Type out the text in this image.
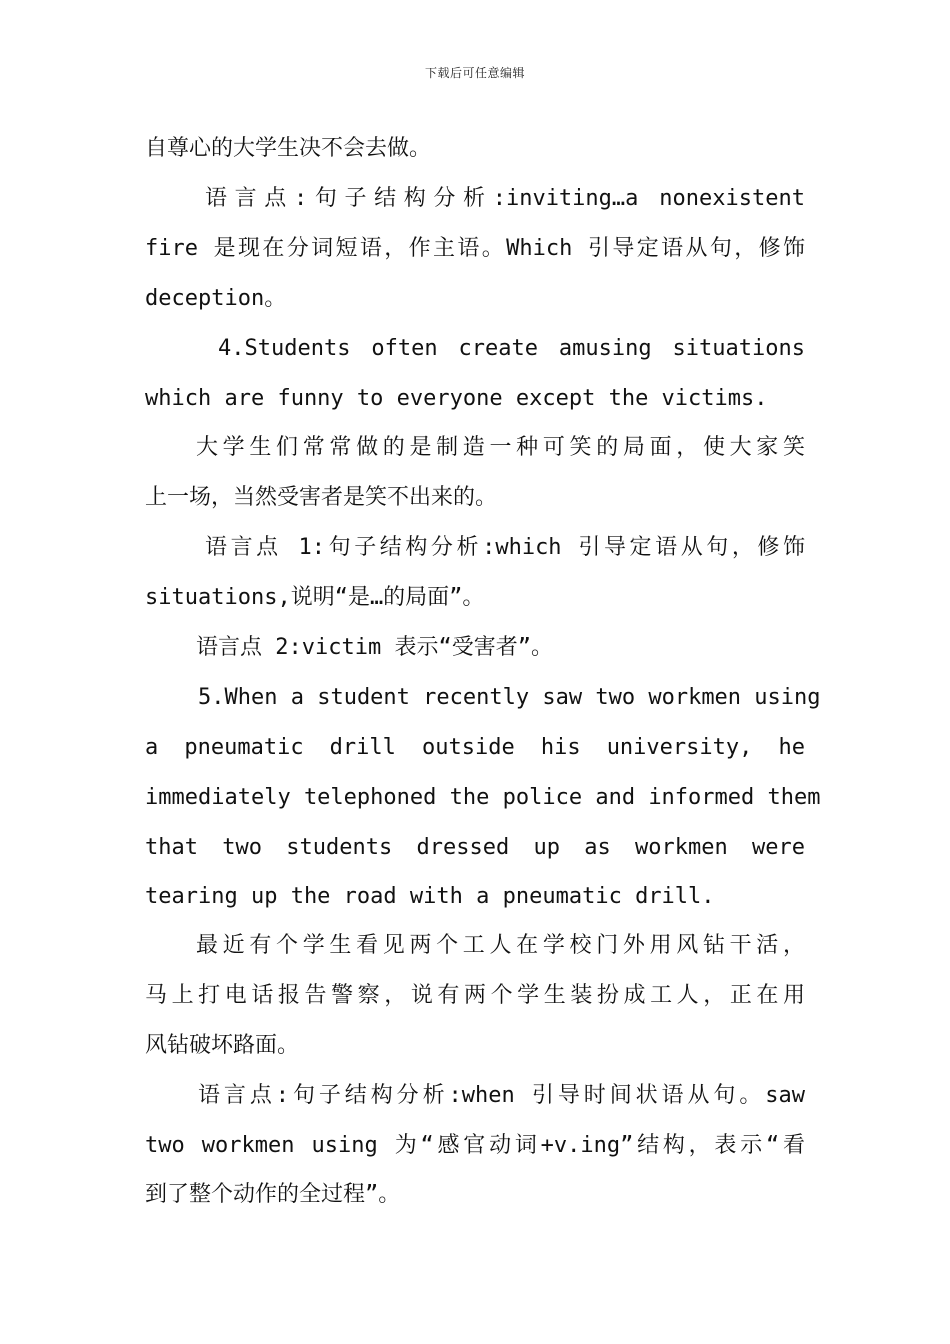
下载后可任意编辑
自尊心的大学生决不会去做。
语言点:句子结构分析:inviting…a nonexistent
fire 是现在分词短语，作主语。Which 引导定语从句，修饰
deception。
4.Students often create amusing situations
which are funny to everyone except the victims.
大学生们常常做的是制造一种可笑的局面，使大家笑
上一场，当然受害者是笑不出来的。
语言点 1:句子结构分析:which 引导定语从句，修饰
situations,说明“是…的局面”。
语言点 2:victim 表示“受害者”。
5.When a student recently saw two workmen using
a pneumatic drill outside his university, he
immediately telephoned the police and informed them
that two students dressed up as workmen were
tearing up the road with a pneumatic drill.
最近有个学生看见两个工人在学校门外用风钻干活，
马上打电话报告警察，说有两个学生装扮成工人，正在用
风钻破坏路面。
语言点:句子结构分析:when 引导时间状语从句。saw
two workmen using 为“感官动词+v.ing”结构，表示“看
到了整个动作的全过程”。
